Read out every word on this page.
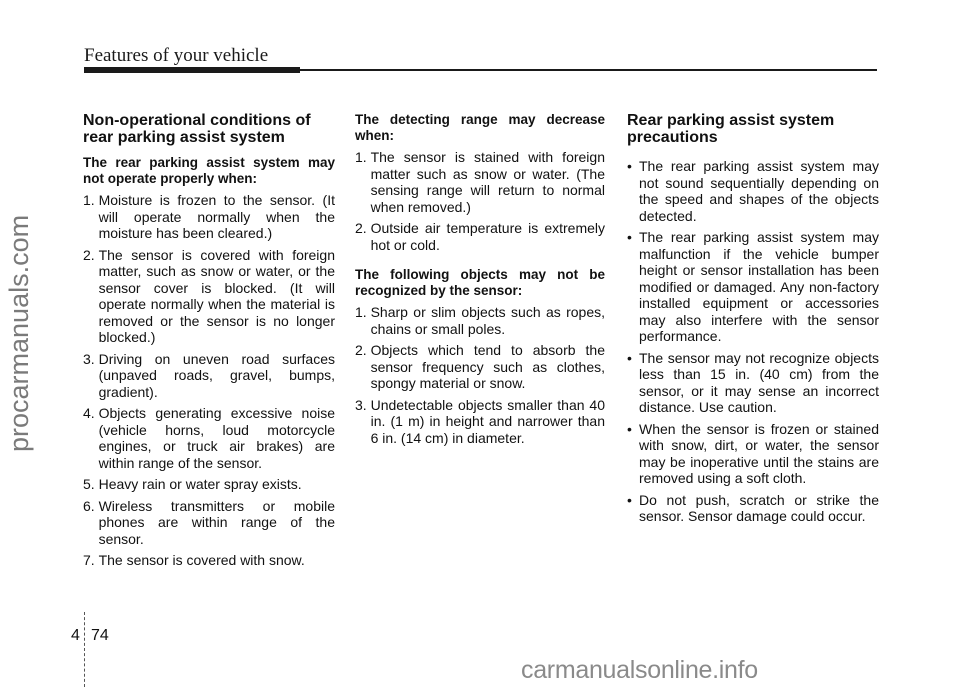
Features of your vehicle
procarmanuals.com
Non-operational conditions of rear parking assist system
The rear parking assist system may not operate properly when:
1.
Moisture is frozen to the sensor. (It will operate normally when the moisture has been cleared.)
2.
The sensor is covered with foreign matter, such as snow or water, or the sensor cover is blocked. (It will operate normally when the material is removed or the sensor is no longer blocked.)
3.
Driving on uneven road surfaces (unpaved roads, gravel, bumps, gradient).
4.
Objects generating excessive noise (vehicle horns, loud motorcycle engines, or truck air brakes) are within range of the sensor.
5.
Heavy rain or water spray exists.
6.
Wireless transmitters or mobile phones are within range of the sensor.
7.
The sensor is covered with snow.
The detecting range may decrease when:
1.
The sensor is stained with foreign matter such as snow or water. (The sensing range will return to normal when removed.)
2.
Outside air temperature is extremely hot or cold.
The following objects may not be recognized by the sensor:
1.
Sharp or slim objects such as ropes, chains or small poles.
2.
Objects which tend to absorb the sensor frequency such as clothes, spongy material or snow.
3.
Undetectable objects smaller than 40 in. (1 m) in height and narrower than 6 in. (14 cm) in diameter.
Rear parking assist system precautions
• The rear parking assist system may not sound sequentially depending on the speed and shapes of the objects detected.
• The rear parking assist system may malfunction if the vehicle bumper height or sensor installation has been modified or damaged. Any non-factory installed equipment or accessories may also interfere with the sensor performance.
• The sensor may not recognize objects less than 15 in. (40 cm) from the sensor, or it may sense an incorrect distance. Use caution.
• When the sensor is frozen or stained with snow, dirt, or water, the sensor may be inoperative until the stains are removed using a soft cloth.
• Do not push, scratch or strike the sensor. Sensor damage could occur.
4 74
carmanualsonline.info
